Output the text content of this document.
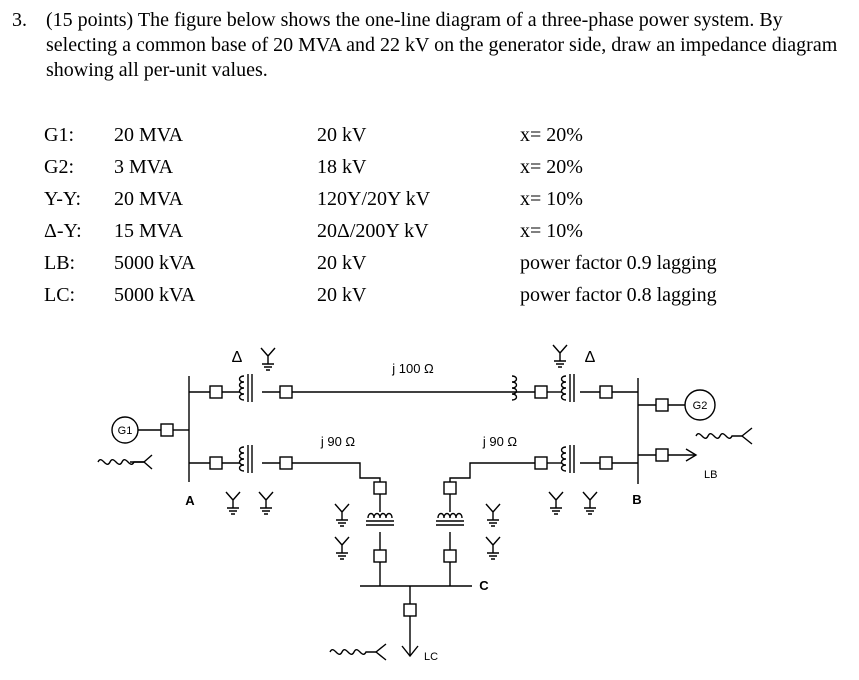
3. (15 points) The figure below shows the one-line diagram of a three-phase power system. By selecting a common base of 20 MVA and 22 kV on the generator side, draw an impedance diagram showing all per-unit values.
G1: 20 MVA	20 kV	x= 20%
G2: 3 MVA	18 kV	x= 20%
Y-Y: 20 MVA	120Y/20Y kV	x= 10%
Δ-Y: 15 MVA	20Δ/200Y kV	x= 10%
LB: 5000 kVA	20 kV	power factor 0.9 lagging
LC: 5000 kVA	20 kV	power factor 0.8 lagging
G1
G2
Δ
j 100 Ω
Δ
j 90 Ω	j 90 Ω
LC
LB
A	B
C
